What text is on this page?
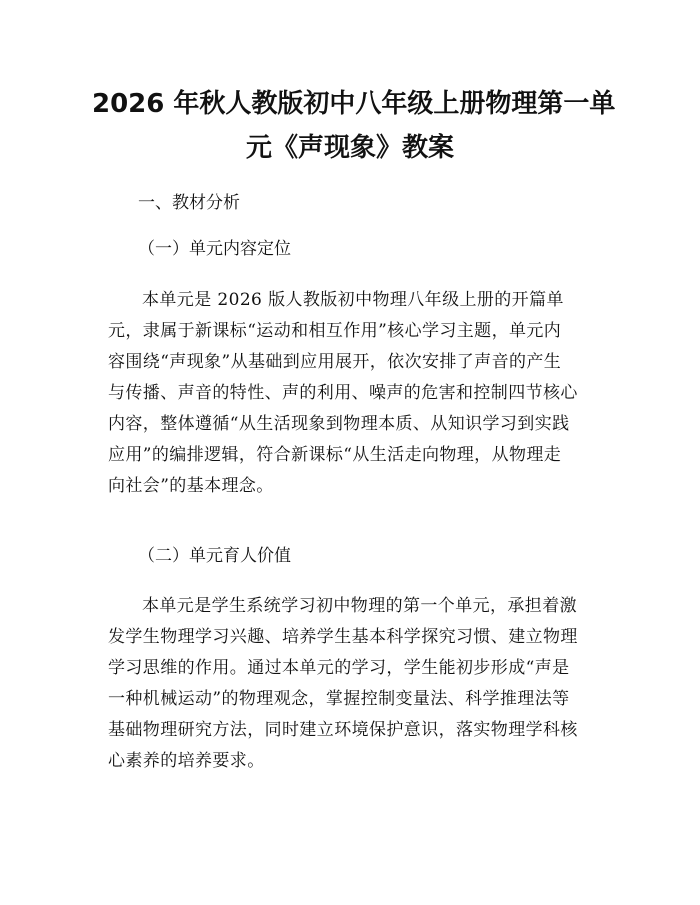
2026 年秋人教版初中八年级上册物理第一单
元《声现象》教案
一、教材分析
（一）单元内容定位
本单元是 2026 版人教版初中物理八年级上册的开篇单
元，隶属于新课标“运动和相互作用”核心学习主题，单元内
容围绕“声现象”从基础到应用展开，依次安排了声音的产生
与传播、声音的特性、声的利用、噪声的危害和控制四节核心
内容，整体遵循“从生活现象到物理本质、从知识学习到实践
应用”的编排逻辑，符合新课标“从生活走向物理，从物理走
向社会”的基本理念。
（二）单元育人价值
本单元是学生系统学习初中物理的第一个单元，承担着激
发学生物理学习兴趣、培养学生基本科学探究习惯、建立物理
学习思维的作用。通过本单元的学习，学生能初步形成“声是
一种机械运动”的物理观念，掌握控制变量法、科学推理法等
基础物理研究方法，同时建立环境保护意识，落实物理学科核
心素养的培养要求。
